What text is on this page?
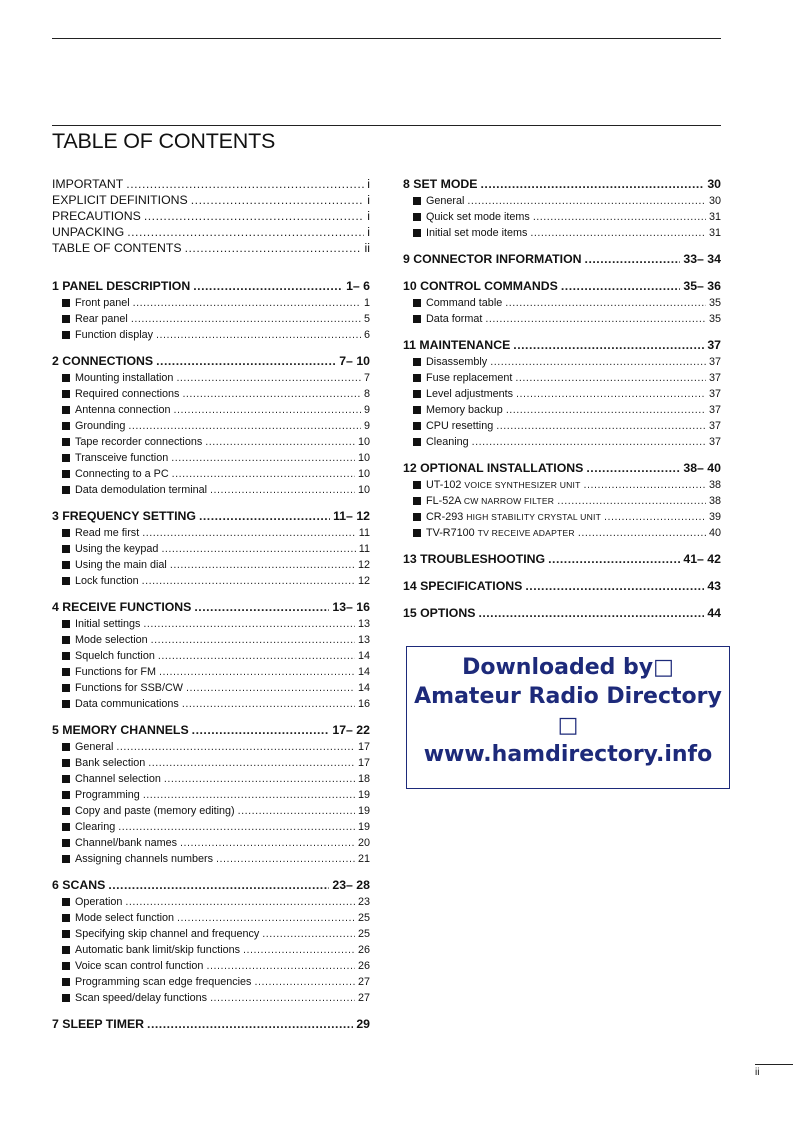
TABLE OF CONTENTS
IMPORTANT .....	i
EXPLICIT DEFINITIONS .....	i
PRECAUTIONS .....	i
UNPACKING .....	i
TABLE OF CONTENTS .....	ii
1 PANEL DESCRIPTION .....	1– 6
Front panel .....	1
Rear panel .....	5
Function display .....	6
2 CONNECTIONS .....	7– 10
Mounting installation .....	7
Required connections .....	8
Antenna connection .....	9
Grounding .....	9
Tape recorder connections .....	10
Transceive function .....	10
Connecting to a PC .....	10
Data demodulation terminal .....	10
3 FREQUENCY SETTING .....	11– 12
Read me first .....	11
Using the keypad .....	11
Using the main dial .....	12
Lock function .....	12
4 RECEIVE FUNCTIONS .....	13– 16
Initial settings .....	13
Mode selection .....	13
Squelch function .....	14
Functions for FM .....	14
Functions for SSB/CW .....	14
Data communications .....	16
5 MEMORY CHANNELS .....	17– 22
General .....	17
Bank selection .....	17
Channel selection .....	18
Programming .....	19
Copy and paste (memory editing) .....	19
Clearing .....	19
Channel/bank names .....	20
Assigning channels numbers .....	21
6 SCANS .....	23– 28
Operation .....	23
Mode select function .....	25
Specifying skip channel and frequency .....	25
Automatic bank limit/skip functions .....	26
Voice scan control function .....	26
Programming scan edge frequencies .....	27
Scan speed/delay functions .....	27
7 SLEEP TIMER .....	29
8 SET MODE .....	30
General .....	30
Quick set mode items .....	31
Initial set mode items .....	31
9 CONNECTOR INFORMATION .....	33– 34
10 CONTROL COMMANDS .....	35– 36
Command table .....	35
Data format .....	35
11 MAINTENANCE .....	37
Disassembly .....	37
Fuse replacement .....	37
Level adjustments .....	37
Memory backup .....	37
CPU resetting .....	37
Cleaning .....	37
12 OPTIONAL INSTALLATIONS .....	38– 40
UT-102 VOICE SYNTHESIZER UNIT .....	38
FL-52A CW NARROW FILTER .....	38
CR-293 HIGH STABILITY CRYSTAL UNIT .....	39
TV-R7100 TV RECEIVE ADAPTER .....	40
13 TROUBLESHOOTING .....	41– 42
14 SPECIFICATIONS .....	43
15 OPTIONS .....	44
Downloaded by□
Amateur Radio Directory
□
www.hamdirectory.info
ii
